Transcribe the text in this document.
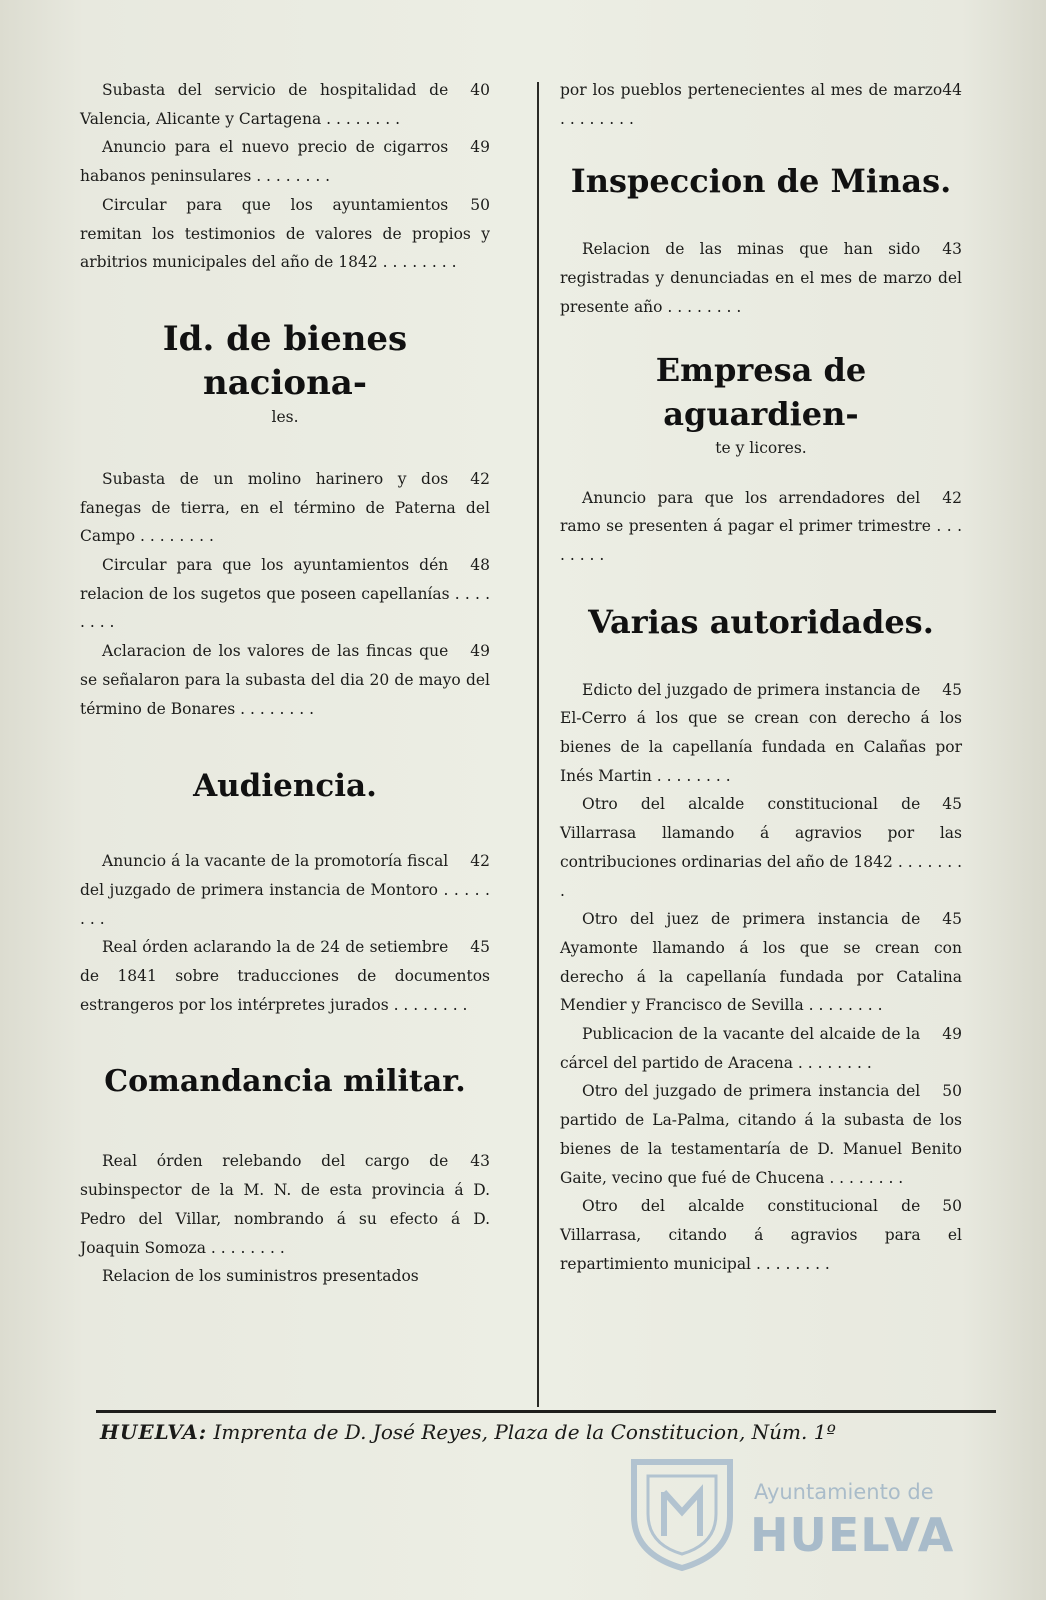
40
Subasta del servicio de hospitalidad de Valencia, Alicante y Cartagena . . . . . . . .
49
Anuncio para el nuevo precio de cigarros habanos peninsulares . . . . . . . .
50
Circular para que los ayuntamientos remitan los testimonios de valores de propios y arbitrios municipales del año de 1842 . . . . . . . .

Id. de bienes naciona-

les.

42
Subasta de un molino harinero y dos fanegas de tierra, en el término de Paterna del Campo . . . . . . . .
48
Circular para que los ayuntamientos dén relacion de los sugetos que poseen capellanías . . . . . . . .
49
Aclaracion de los valores de las fincas que se señalaron para la subasta del dia 20 de mayo del término de Bonares . . . . . . . .

Audiencia.

42
Anuncio á la vacante de la promotoría fiscal del juzgado de primera instancia de Montoro . . . . . . . .
45
Real órden aclarando la de 24 de setiembre de 1841 sobre traducciones de documentos estrangeros por los intérpretes jurados . . . . . . . .

Comandancia militar.

43
Real órden relebando del cargo de subinspector de la M. N. de esta provincia á D. Pedro del Villar, nombrando á su efecto á D. Joaquin Somoza . . . . . . . .

Relacion de los suministros presentados

44
por los pueblos pertenecientes al mes de marzo . . . . . . . .

Inspeccion de Minas.

43
Relacion de las minas que han sido registradas y denunciadas en el mes de marzo del presente año . . . . . . . .

Empresa de aguardien-

te y licores.

42
Anuncio para que los arrendadores del ramo se presenten á pagar el primer trimestre . . . . . . . .

Varias autoridades.

45
Edicto del juzgado de primera instancia de El-Cerro á los que se crean con derecho á los bienes de la capellanía fundada en Calañas por Inés Martin . . . . . . . .
45
Otro del alcalde constitucional de Villarrasa llamando á agravios por las contribuciones ordinarias del año de 1842 . . . . . . . .
45
Otro del juez de primera instancia de Ayamonte llamando á los que se crean con derecho á la capellanía fundada por Catalina Mendier y Francisco de Sevilla . . . . . . . .
49
Publicacion de la vacante del alcaide de la cárcel del partido de Aracena . . . . . . . .
50
Otro del juzgado de primera instancia del partido de La-Palma, citando á la subasta de los bienes de la testamentaría de D. Manuel Benito Gaite, vecino que fué de Chucena . . . . . . . .
50
Otro del alcalde constitucional de Villarrasa, citando á agravios para el repartimiento municipal . . . . . . . .
HUELVA: Imprenta de D. José Reyes, Plaza de la Constitucion, Núm. 1º
Ayuntamiento de
HUELVA
